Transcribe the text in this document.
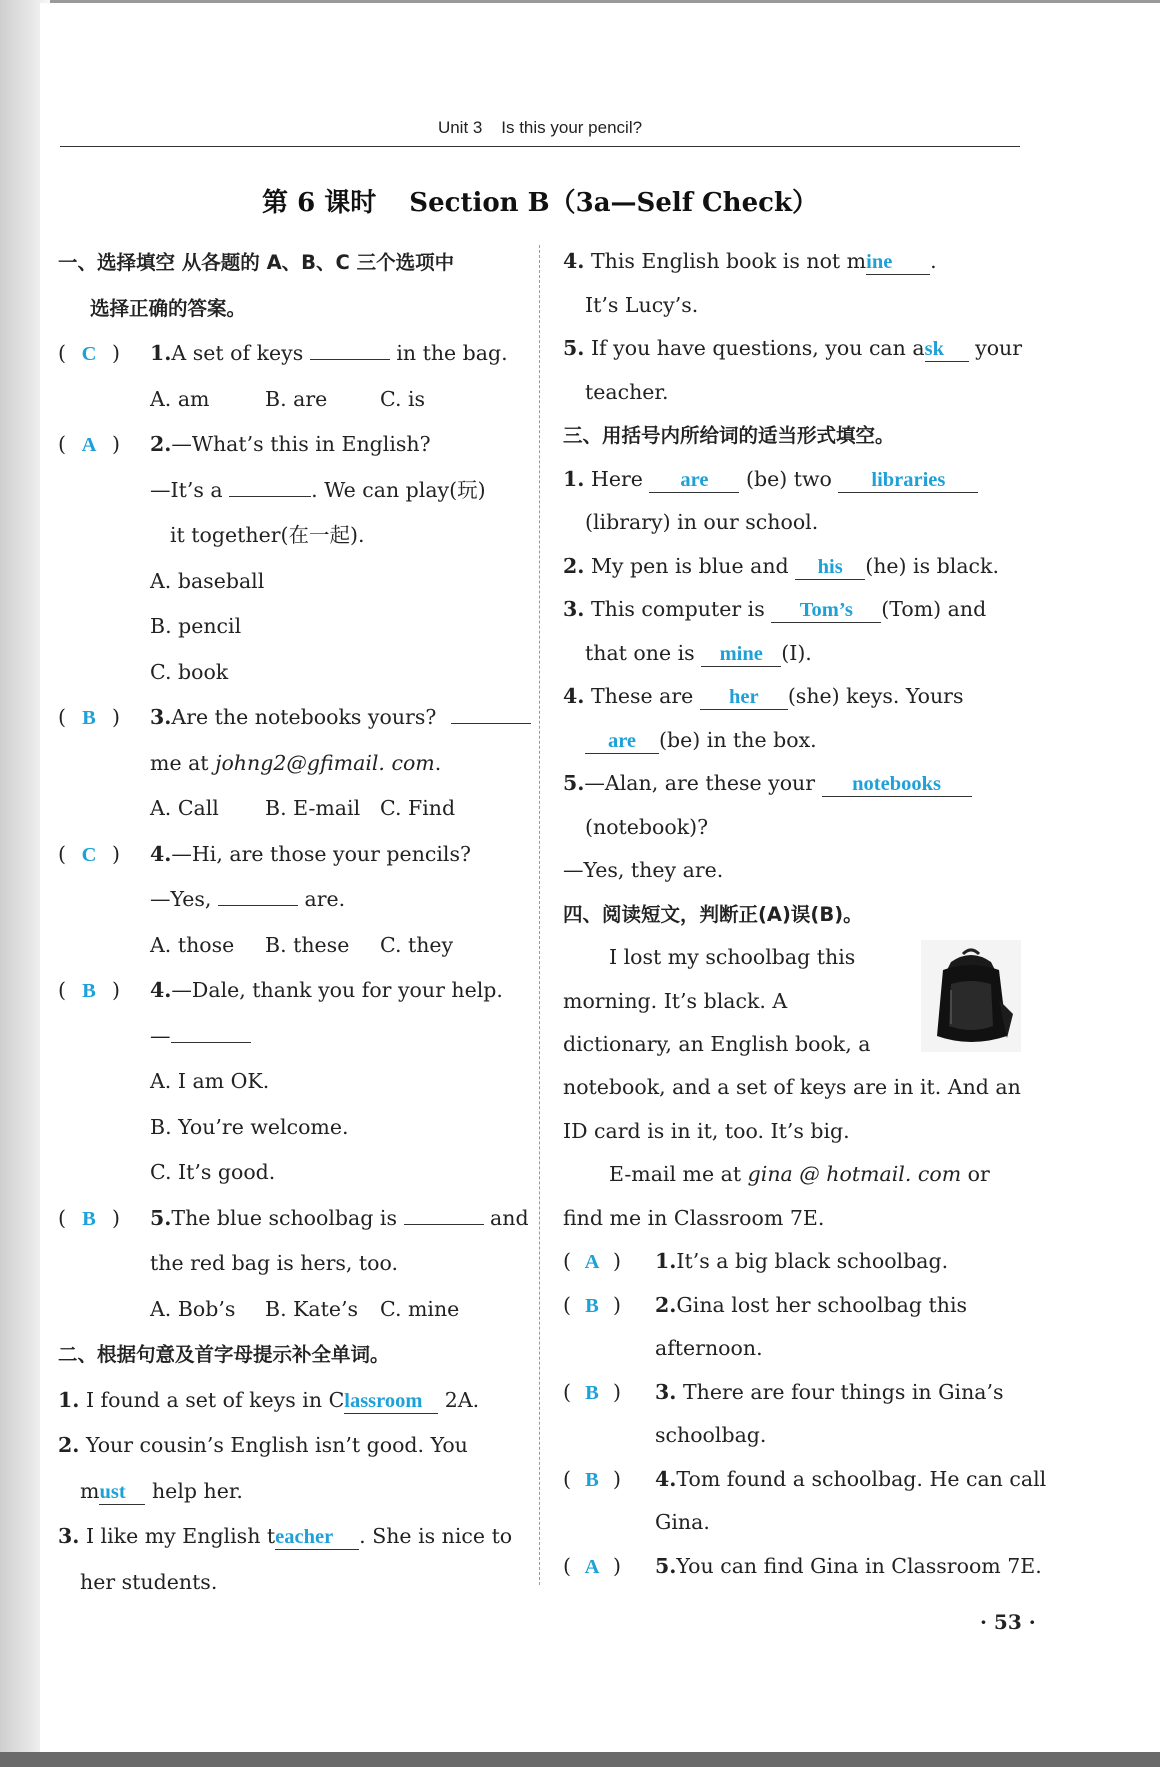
Unit 3    Is this your pencil?
第 6 课时 Section B（3a—Self Check）
一、选择填空 从各题的 A、B、C 三个选项中
选择正确的答案。
( C ) 1.A set of keys	in the bag.
A. am	B. are	C. is
( A ) 2.—What’s this in English?
—It’s a	. We can play(玩)
it together(在一起).
A. baseball
B. pencil
C. book
( B ) 3.Are the notebooks yours?
me at johng2@gfimail. com.
A. Call B. E-mail C. Find
( C ) 4.—Hi, are those your pencils?
—Yes,	are.
A. those B. these C. they
( B ) 4.—Dale, thank you for your help.
—
A. I am OK.
B. You’re welcome.
C. It’s good.
( B ) 5.The blue schoolbag is	and
the red bag is hers, too.
A. Bob’s B. Kate’s C. mine
二、根据句意及首字母提示补全单词。
1. I found a set of keys in Classroom 2A.
2. Your cousin’s English isn’t good. You
must help her.
3. I like my English teacher . She is nice to
her students.
4. This English book is not mine .
It’s Lucy’s.
5. If you have questions, you can ask your
teacher.
三、用括号内所给词的适当形式填空。
1. Here are (be) two libraries
(library) in our school.
2. My pen is blue and his (he) is black.
3. This computer is Tom’s (Tom) and
that one is mine (I).
4. These are her (she) keys. Yours
are (be) in the box.
5.—Alan, are these your notebooks
(notebook)?
—Yes, they are.
四、阅读短文，判断正(A)误(B)。
I lost my schoolbag this
morning. It’s black. A
dictionary, an English book, a
notebook, and a set of keys are in it. And an
ID card is in it, too. It’s big.
E-mail me at gina @ hotmail. com or
find me in Classroom 7E.
( A ) 1.It’s a big black schoolbag.
( B ) 2.Gina lost her schoolbag this
afternoon.
( B ) 3. There are four things in Gina’s
schoolbag.
( B ) 4.Tom found a schoolbag. He can call
Gina.
( A ) 5.You can find Gina in Classroom 7E.
· 53 ·
